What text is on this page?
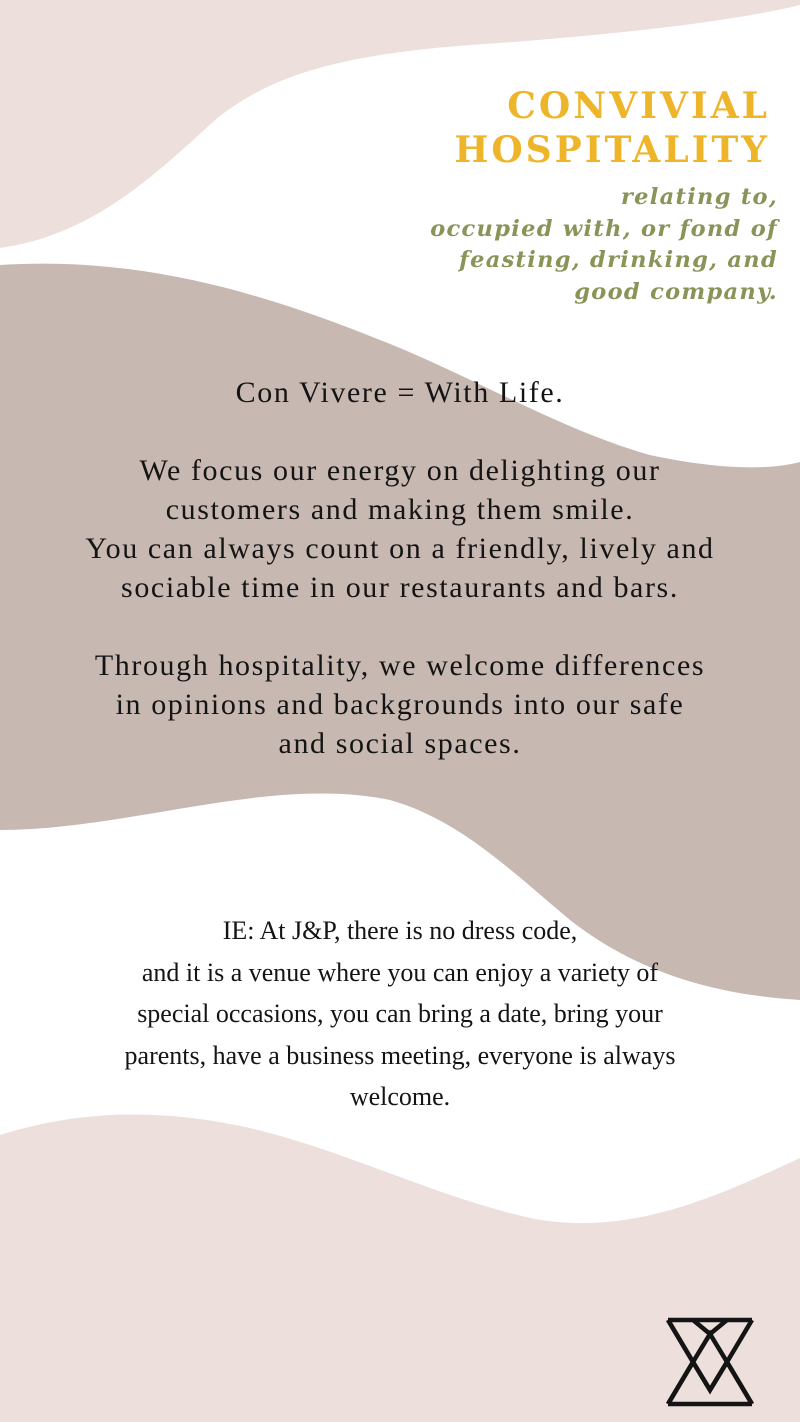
CONVIVIAL
HOSPITALITY
relating to,
occupied with, or fond of
feasting, drinking, and
good company.

Con Vivere = With Life.

We focus our energy on delighting our
customers and making them smile.
You can always count on a friendly, lively and
sociable time in our restaurants and bars.
Through hospitality, we welcome differences
in opinions and backgrounds into our safe
and social spaces.
IE: At J&P, there is no dress code,
and it is a venue where you can enjoy a variety of
special occasions, you can bring a date, bring your
parents, have a business meeting, everyone is always
welcome.
